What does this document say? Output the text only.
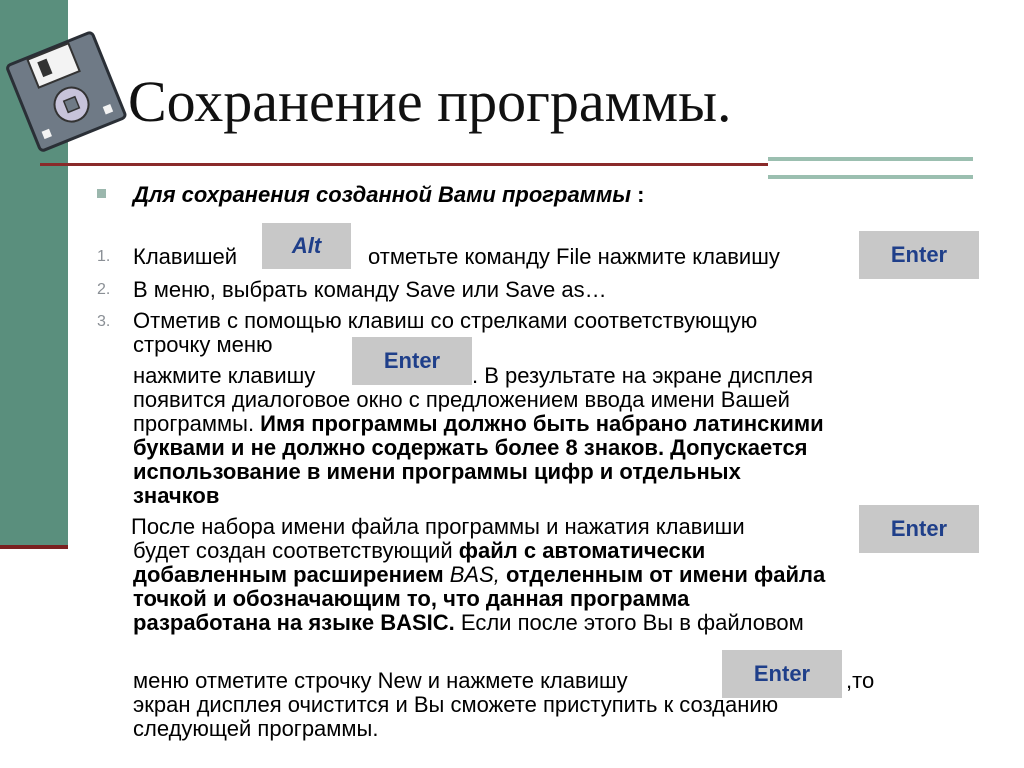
Сохранение программы.
Для сохранения созданной Вами программы :
1. Клавишей	Alt	отметьте команду File нажмите клавишу	Enter
2. В меню, выбрать команду Save или Save as…
3. Отметив с помощью клавиш со стрелками соответствующую
строчку меню
нажмите клавишу
Enter
. В результате на экране дисплея
появится диалоговое окно с предложением ввода имени Вашей
программы. Имя программы должно быть набрано латинскими
буквами и не должно содержать более 8 знаков. Допускается
использование в имени программы цифр и отдельных
значков
После набора имени файла программы и нажатия клавиши	Enter
будет создан соответствующий файл с автоматически
добавленным расширением BAS, отделенным от имени файла
точкой и обозначающим то, что данная программа
разработана на языке BASIC. Если после этого Вы в файловом
меню отметите строчку New и нажмете клавишу	Enter	,то
экран дисплея очистится и Вы сможете приступить к созданию
следующей программы.
